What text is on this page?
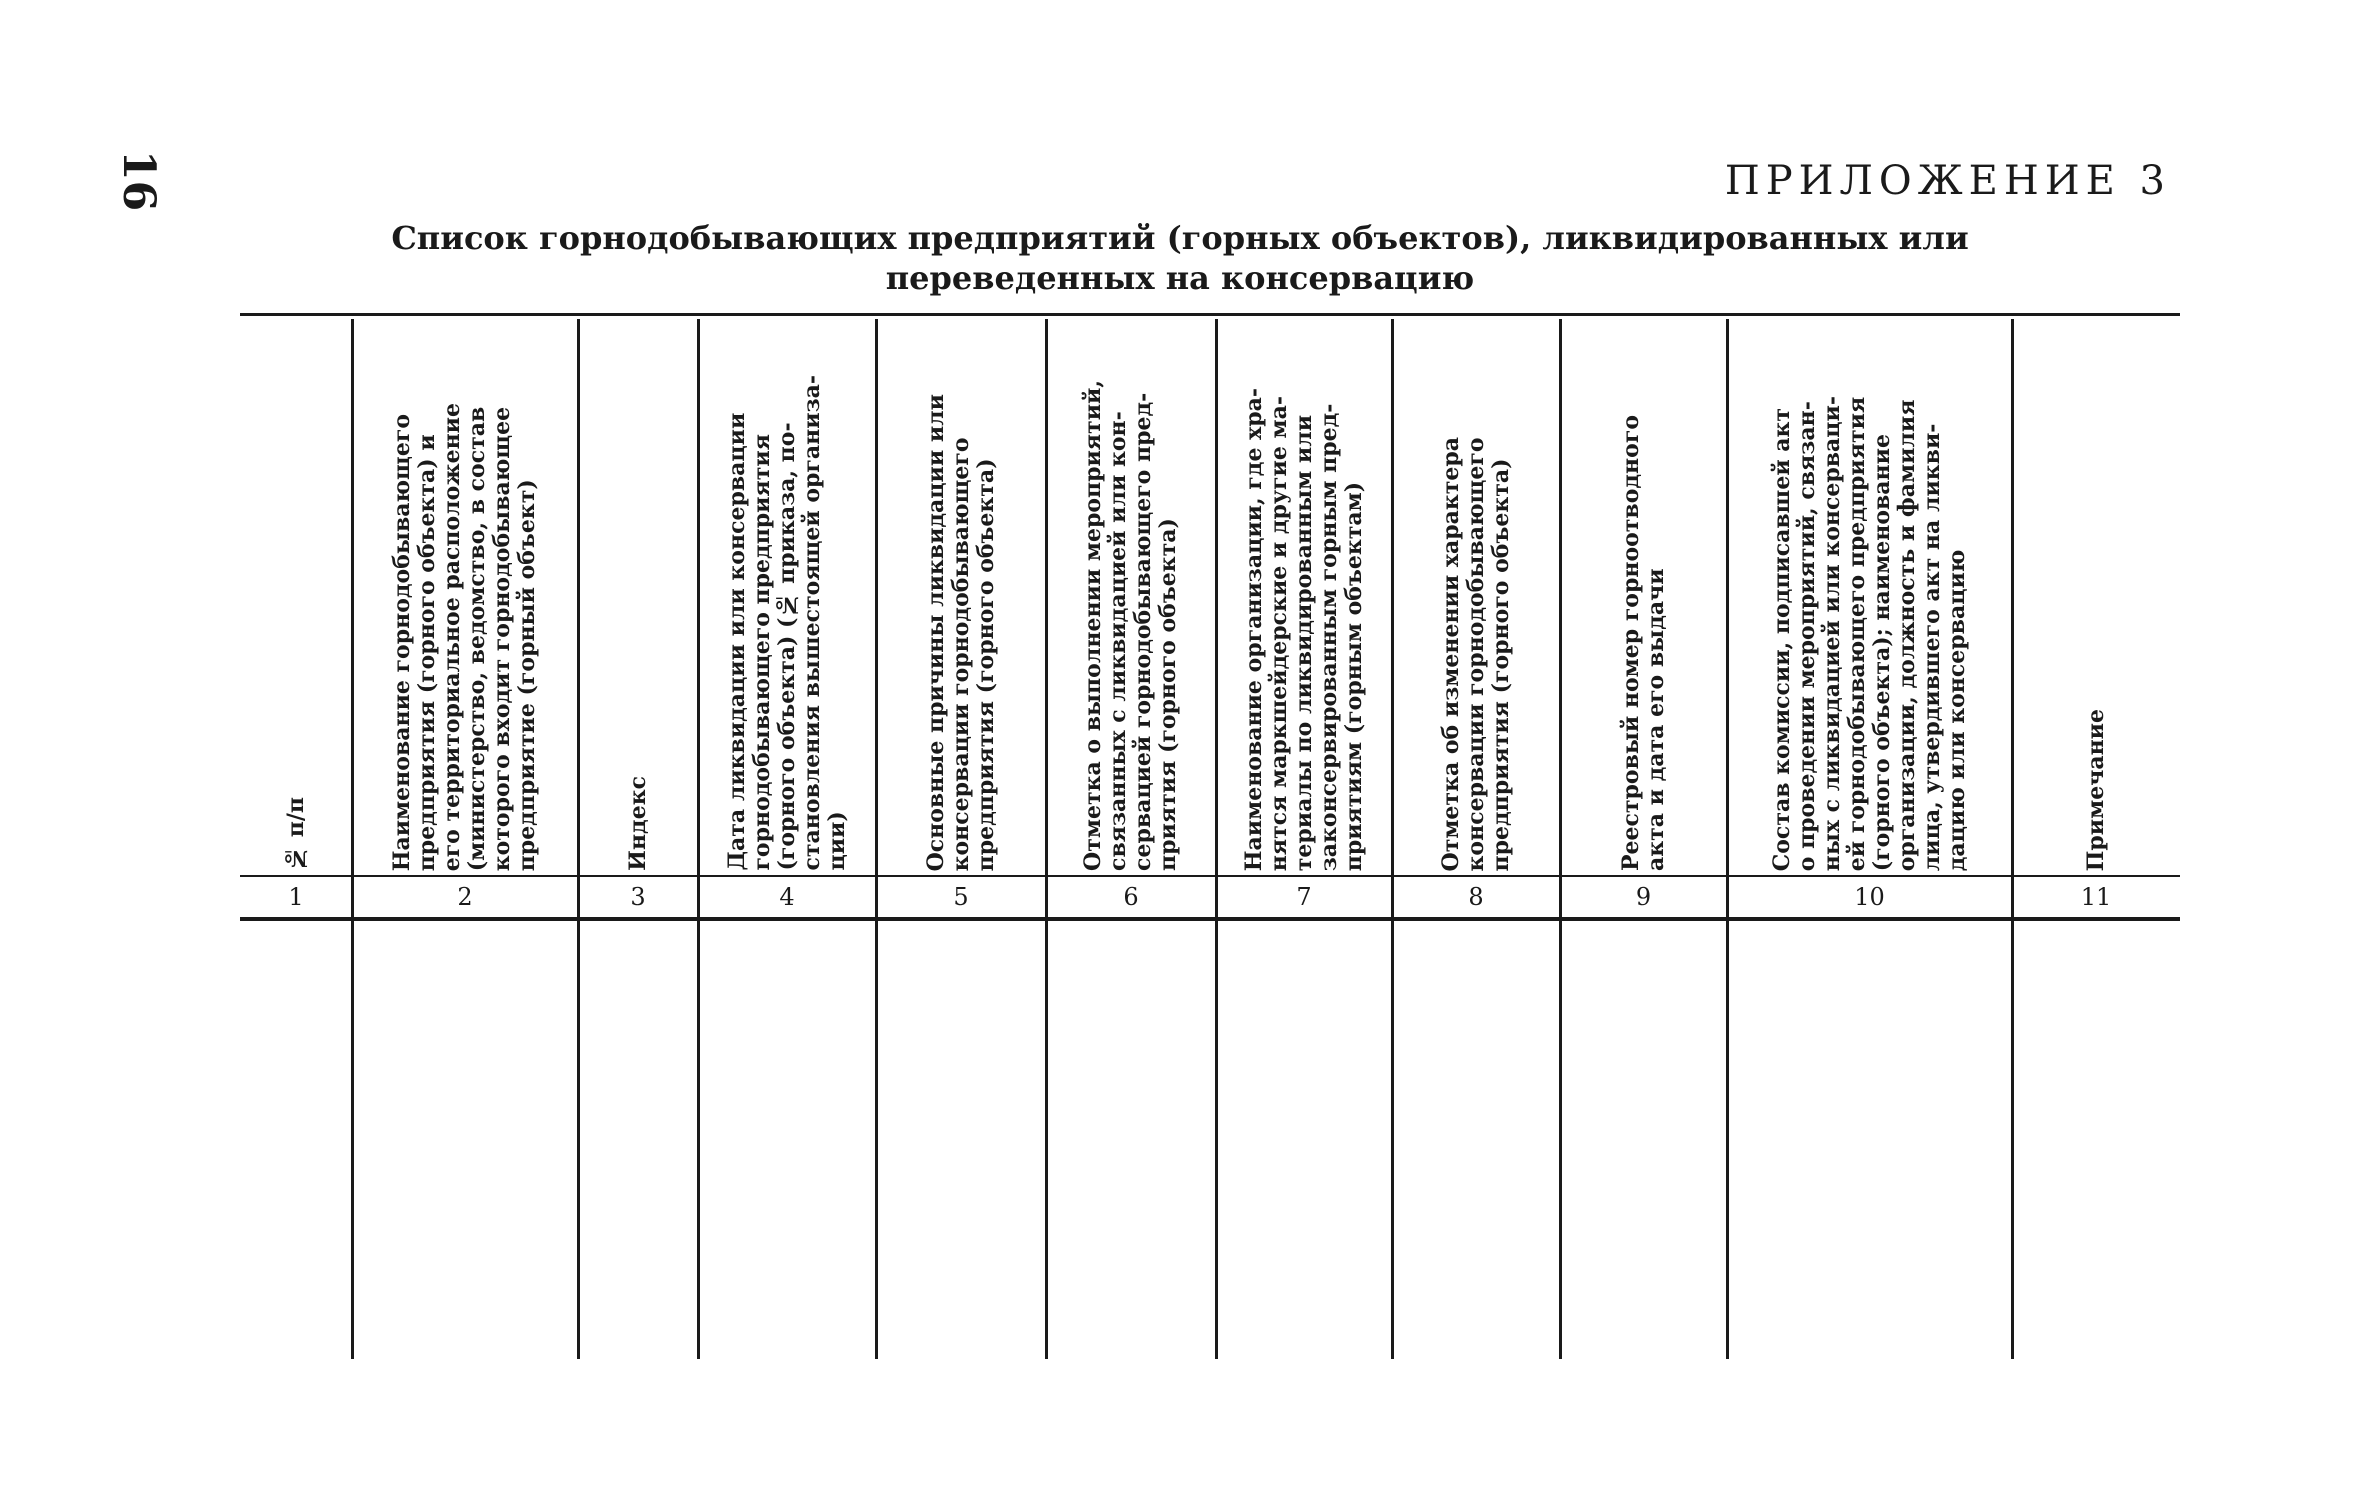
16	ПРИЛОЖЕНИЕ 3
Список горнодобывающих предприятий (горных объектов), ликвидированных или
переведенных на консервацию
№ п/п
1
Наименование горнодобывающего
предприятия (горного объекта) и
его территориальное расположение
(министерство, ведомство, в состав
которого входит горнодобывающее
предприятие (горный объект)
2
Индекс
3
Дата ликвидации или консервации
горнодобывающего предприятия
(горного объекта) (№ приказа, по-
становления вышестоящей организа-
ции)
4
Основные причины ликвидации или
консервации горнодобывающего
предприятия (горного объекта)
5
Отметка о выполнении мероприятий,
связанных с ликвидацией или кон-
сервацией горнодобывающего пред-
приятия (горного объекта)
6
Наименование организации, где хра-
нятся маркшейдерские и другие ма-
териалы по ликвидированным или
законсервированным горным пред-
приятиям (горным объектам)
7
Отметка об изменении характера
консервации горнодобывающего
предприятия (горного объекта)
8
Реестровый номер горноотводного
акта и дата его выдачи
9
Состав комиссии, подписавшей акт
о проведении мероприятий, связан-
ных с ликвидацией или консерваци-
ей горнодобывающего предприятия
(горного объекта); наименование
организации, должность и фамилия
лица, утвердившего акт на ликви-
дацию или консервацию
10
Примечание
11
